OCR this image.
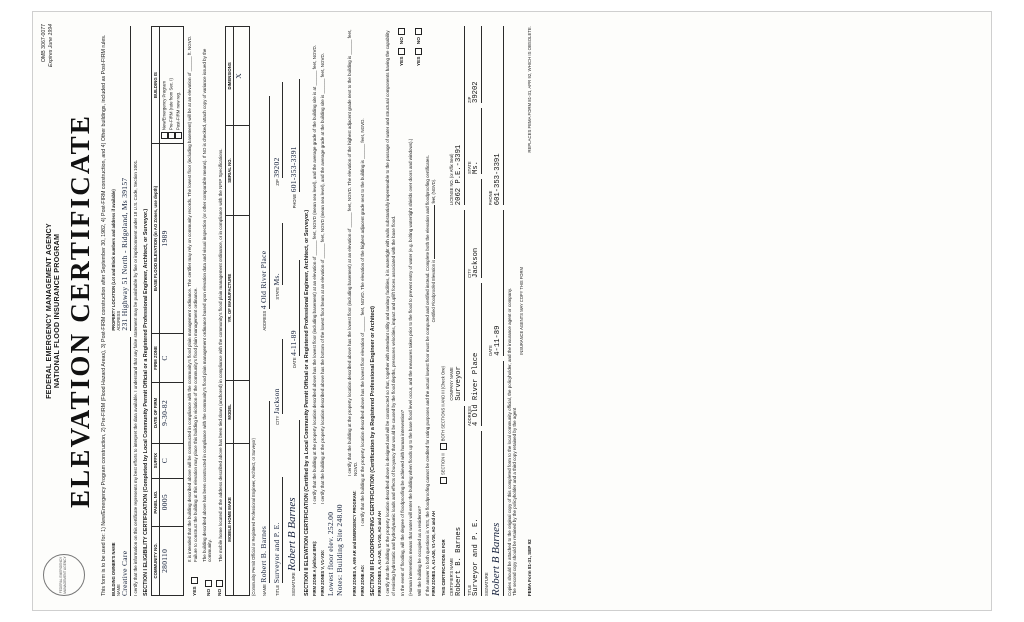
OMB 3067-0077 Expires June 1994
FEDERAL EMERGENCY MANAGEMENT AGENCY
FEDERAL EMERGENCY MANAGEMENT AGENCY NATIONAL FLOOD INSURANCE PROGRAM ELEVATION CERTIFICATE	This form is to be used for: 1) New/Emergency Program construction, 2) Pre-FIRM (Flood Hazard Areas), 3) Post-FIRM construction after September 30, 1982, 4) Post-FIRM construction, and 4) Other buildings, included as Post-FIRM rules. BUILDING OWNER'S NAME NAME Creative Care
PROPERTY LOCATION (Lot and Block numbers and address if available) ADDRESS 231 Highway 51 North - Ridgeland, Ms 39157 I certify that the information on this certificate represents my best efforts to interpret the data available. I understand that any false statement may be punishable by fine or imprisonment under 18 U.S. Code, Section 1001. SECTION I ELIGIBILITY CERTIFICATION (Completed by Local Community Permit Official or a Registered Professional Engineer, Architect, or Surveyor.) COMMUNITY NO.	PANEL NO.	SUFFIX	DATE OF FIRM	FIRM ZONE	BASE FLOOD ELEVATION (in AO Zones, use depth)	BUILDING IS
280110	0005	C	9-30-82	C	1989	New/Emergency Program Pre-FIRM (rate from Sec. I) Post-FIRM new reg.
YES
It is intended that the building described above will be constructed in compliance with the community's flood plain management ordinance. The certifier may rely on community records. The lowest floor (including basement) will be at an elevation of ______ ft. NGVD. Failure to construct the building at this elevation may place this building in violation of the community's flood plain management ordinance.
NO
The building described above has been constructed in compliance with the community's flood plain management ordinance based upon elevation data and visual inspection (or other comparable means). If NO is checked, attach copy of variance issued by the community.
NO
The mobile home located at the address described above has been tied down (anchored) in compliance with the community's flood plain management ordinance, or in compliance with the NFIP Specifications. MOBILE HOME MAKE	MODEL	YR. OF MANUFACTURE	SERIAL NO.	DIMENSIONS
				X
(Community Permit Official or Registered Professional Engineer, Architect, or Surveyor)	NAME Robert B. Barnes
ADDRESS 4 Old River Place
TITLE Surveyor and P. E.
CITY Jackson
STATE Ms.
ZIP 39202
SIGNATURE Robert B Barnes
DATE 4-11-89
PHONE 601-353-3391
SECTION II ELEVATION CERTIFICATION (Certified by a Local Community Permit Official or a Registered Professional Engineer, Architect, or Surveyor.) FIRM ZONE A (without BFE):
I certify that the building at the property location described above has the lowest floor (including basement) at an elevation of ______ feet, NGVD (mean sea level), and the average grade of the building site is at ______ feet, NGVD.
FIRM ZONES V, V1-V30:
I certify that the building at the property location described above has the bottom of the lowest floor beam at an elevation of ______ feet, NGVD (mean sea level), and the average grade at the building site is ______ feet, NGVD.
Lowest floor elev. 252.00 Notes: Building Site 248.00 FIRM ZONES A, A99 AR and EMERGENCY PROGRAM:
I certify that the building at the property location described above has the lowest floor (including basement) at an elevation of ______ feet, NGVD. The elevation of the highest adjacent grade next to the building is ______ feet, NGVD.
FIRM ZONE AO:
I certify that the building at the property location described above has the lowest floor elevation of ______ feet, NGVD. The elevation of the highest adjacent grade next to the building is ______ feet, NGVD. SECTION III FLOODPROOFING CERTIFICATION (Certification by a Registered Professional Engineer or Architect) FIRM ZONES A, A1-A30, V1-V30, AO and AH I certify that the building at the property location described above is designed and will be constructed so that, together with attendant utility and sanitary facilities, it is watertight with walls substantially impermeable to the passage of water and structural components having the capability of resisting hydrostatic and hydrodynamic loads and effects of buoyancy that would be caused by the flood depths, pressures velocities, impact and uplift forces associated with the base flood. In the event of flooding, will the degree of floodproofing be achieved with human intervention?
YES NO
(Human intervention means that water will enter the building when floods up to the base flood level occur, and the measures taken prior to the flood to prevent entry of water (e.g. bolting watertight shields over doors and windows).) Will the building be occupied as a residence?
YES NO
If the answer to both questions is YES, the floodproofing cannot be credited for rating purposes and the actual lowest floor must be computed and certified instead. Complete both the elevation and floodproofing certificates. FIRM ZONES A, A1-A30, V1-V30, AO and AH
Certified Floodproofed Elevation is  feet, (NGVD).
THIS CERTIFICATION IS FOR
SECTION II BOTH SECTIONS II AND III (Check One)
CERTIFIER'S NAME Robert B. Barnes
COMPANY NAME Surveyor
LICENSE NO. (or Affix Seal) 2062 P.E.-3391
TITLE Surveyor and P. E.
ADDRESS 4 Old River Place
CITY Jackson
STATE Ms.
ZIP 39202
SIGNATURE Robert B Barnes
DATE 4-11-89
PHONE 601-353-3391
Copies should be attached to the original copy of this completed form to the local community official, the policyholder, and the insurance agent or company. The second copy should be retained by the policyholder and a third copy retained by the agent
INSURANCE AGENTS MAY COPY THIS FORM
FEMA Form 81-31, SEP 92
REPLACES FEMA FORM 81-31, APR 92, WHICH IS OBSOLETE.
